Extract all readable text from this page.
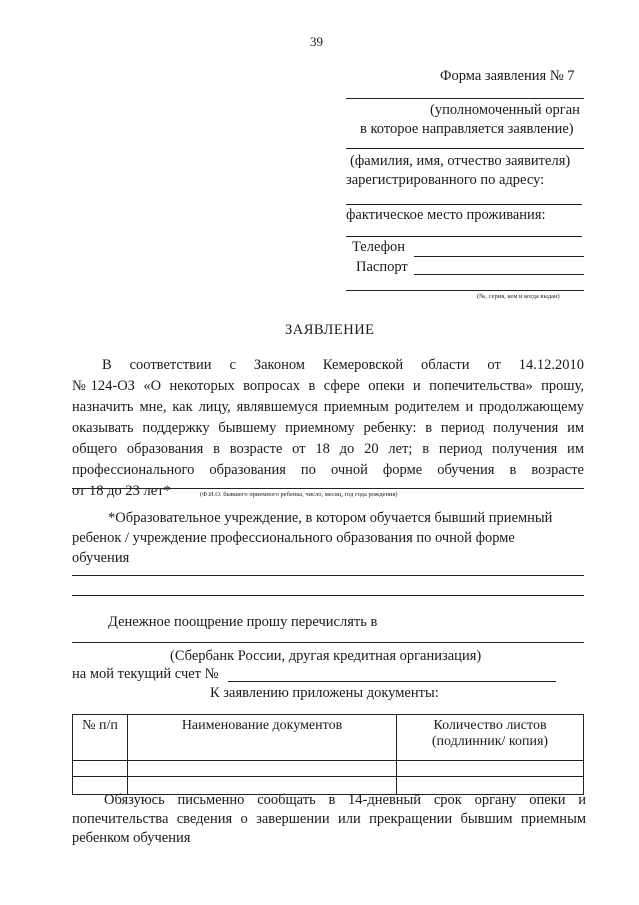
39
Форма заявления № 7
(уполномоченный орган
в которое направляется заявление)
(фамилия, имя, отчество заявителя)
зарегистрированного по адресу:
фактическое место проживания:
Телефон
Паспорт
(№, серия, кем и когда выдан)
ЗАЯВЛЕНИЕ
В соответствии с Законом Кемеровской области от 14.12.2010
№124-ОЗ «О некоторых вопросах в сфере опеки и попечительства» прошу,
назначить мне, как лицу, являвшемуся приемным родителем и продолжающему
оказывать поддержку бывшему приемному ребенку: в период получения им
общего образования в возрасте от 18 до 20 лет; в период получения им
профессионального образования по очной форме обучения в возрасте
от 18 до 23 лет*	(Ф.И.О. бывшего приемного ребенка, число, месяц, год года рождения)
*Образовательное учреждение, в котором обучается бывший приемный
ребенок / учреждение профессионального образования по очной форме
обучения
Денежное поощрение прошу перечислять в
(Сбербанк России, другая кредитная организация)
на мой текущий счет №
К заявлению приложены документы:
№ п/п	Наименование документов	Количество листов
(подлинник/ копия)

Обязуюсь письменно сообщать в 14-дневный срок органу опеки и
попечительства сведения о завершении или прекращении бывшим приемным
ребенком обучения
